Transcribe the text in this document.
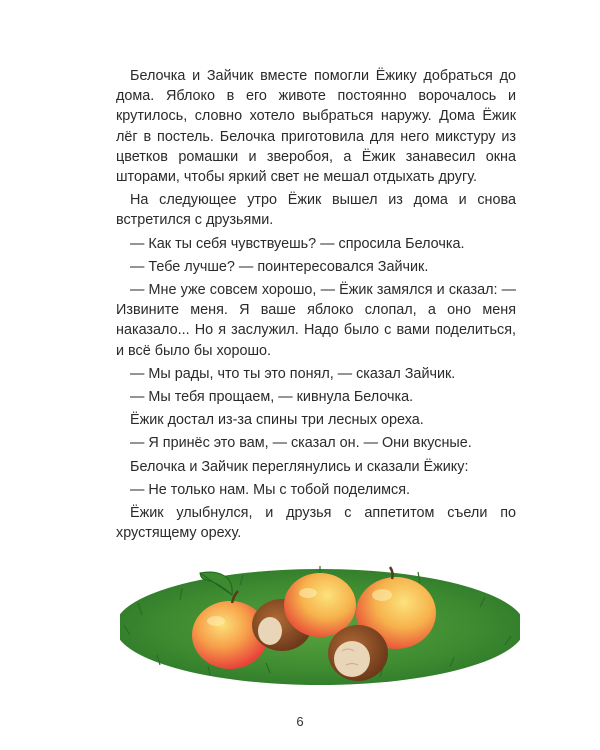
Белочка и Зайчик вместе помогли Ёжику добраться до дома. Яблоко в его животе постоянно ворочалось и крутилось, словно хотело выбраться наружу. Дома Ёжик лёг в постель. Белочка приготовила для него микстуру из цветков ромашки и зверобоя, а Ёжик занавесил окна шторами, чтобы яркий свет не мешал отдыхать другу.

На следующее утро Ёжик вышел из дома и снова встретился с друзьями.

— Как ты себя чувствуешь? — спросила Белочка.

— Тебе лучше? — поинтересовался Зайчик.

— Мне уже совсем хорошо, — Ёжик замялся и сказал: — Извините меня. Я ваше яблоко слопал, а оно меня наказало... Но я заслужил. Надо было с вами поделиться, и всё было бы хорошо.

— Мы рады, что ты это понял, — сказал Зайчик.

— Мы тебя прощаем, — кивнула Белочка.

Ёжик достал из-за спины три лесных ореха.

— Я принёс это вам, — сказал он. — Они вкусные.

Белочка и Зайчик переглянулись и сказали Ёжику:

— Не только нам. Мы с тобой поделимся.

Ёжик улыбнулся, и друзья с аппетитом съели по хрустящему ореху.

6
